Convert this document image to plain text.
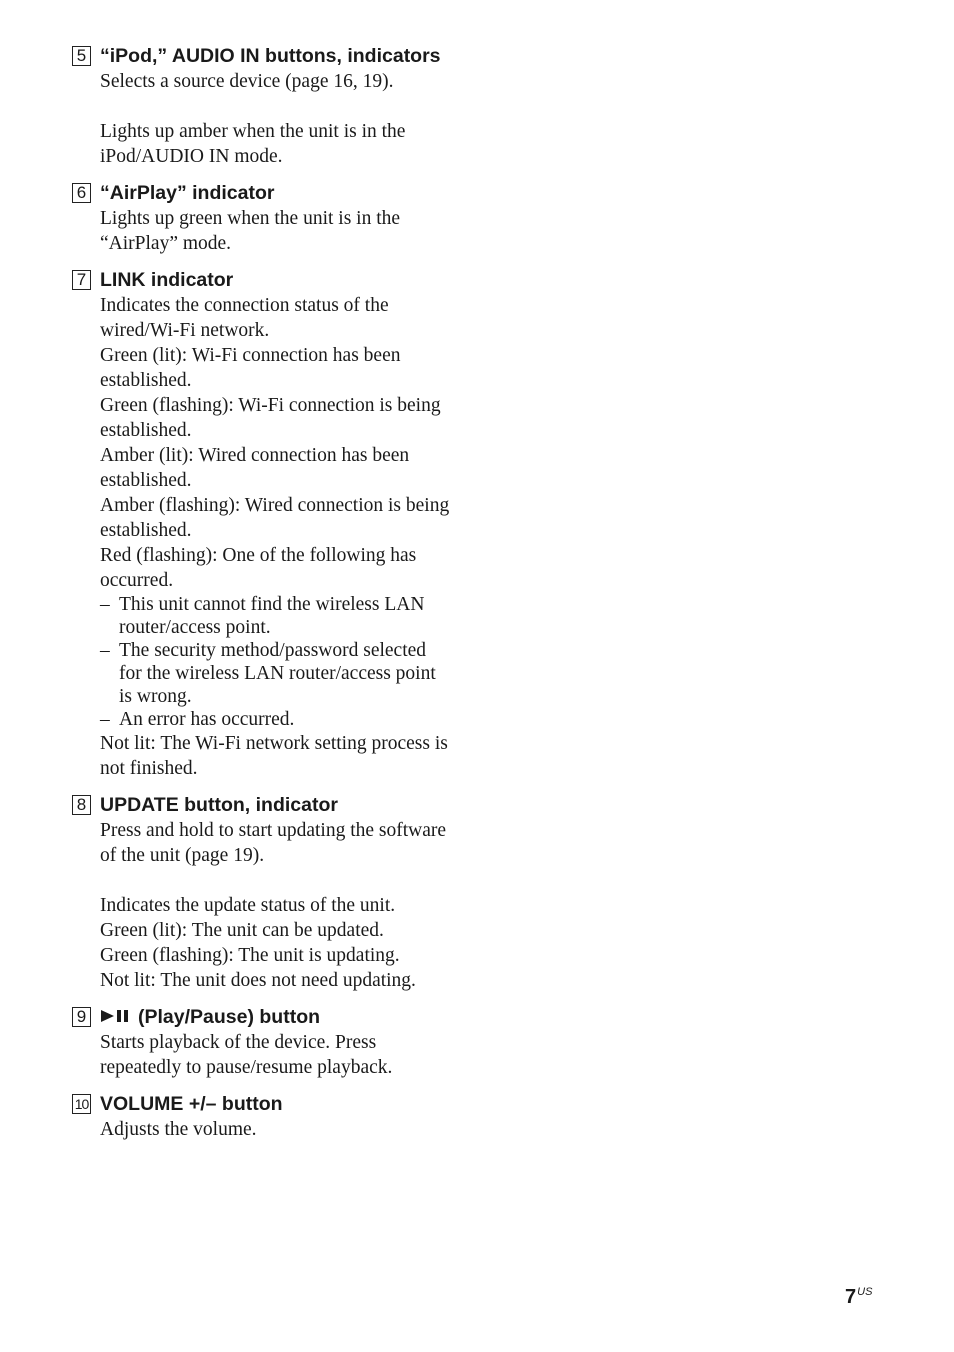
5 “iPod,” AUDIO IN buttons, indicators

Selects a source device (page 16, 19).

Lights up amber when the unit is in the iPod/AUDIO IN mode.

6 “AirPlay” indicator

Lights up green when the unit is in the “AirPlay” mode.

7 LINK indicator

Indicates the connection status of the wired/Wi-Fi network.

Green (lit): Wi-Fi connection has been established.

Green (flashing): Wi-Fi connection is being established.

Amber (lit): Wired connection has been established.

Amber (flashing): Wired connection is being established.

Red (flashing): One of the following has occurred.

– This unit cannot find the wireless LAN router/access point.
– The security method/password selected for the wireless LAN router/access point is wrong.
– An error has occurred.

Not lit: The Wi-Fi network setting process is not finished.

8 UPDATE button, indicator

Press and hold to start updating the software of the unit (page 19).

Indicates the update status of the unit.

Green (lit): The unit can be updated.

Green (flashing): The unit is updating.

Not lit: The unit does not need updating.

9	(Play/Pause) button

Starts playback of the device. Press repeatedly to pause/resume playback.

10 VOLUME +/– button

Adjusts the volume.

$7^{US}$
